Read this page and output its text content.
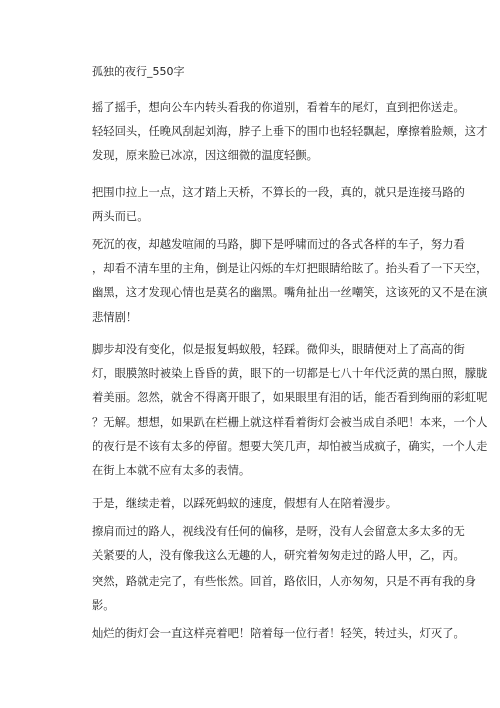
孤独的夜行_550字
摇了摇手，想向公车内转头看我的你道别，看着车的尾灯，直到把你送走。
轻轻回头，任晚风刮起刘海，脖子上垂下的围巾也轻轻飘起，摩擦着脸颊，这才
发现，原来脸已冰凉，因这细微的温度轻颤。
把围巾拉上一点，这才踏上天桥，不算长的一段，真的，就只是连接马路的
两头而已。
死沉的夜，却越发喧闹的马路，脚下是呼啸而过的各式各样的车子，努力看
，却看不清车里的主角，倒是让闪烁的车灯把眼睛给眩了。抬头看了一下天空，
幽黑，这才发现心情也是莫名的幽黑。嘴角扯出一丝嘲笑，这该死的又不是在演
悲情剧！
脚步却没有变化，似是报复蚂蚁般，轻踩。微仰头，眼睛便对上了高高的街
灯，眼膜煞时被染上昏昏的黄，眼下的一切都是七八十年代泛黄的黑白照，朦胧
着美丽。忽然，就舍不得离开眼了，如果眼里有泪的话，能否看到绚丽的彩虹呢
？无解。想想，如果趴在栏栅上就这样看着街灯会被当成自杀吧！本来，一个人
的夜行是不该有太多的停留。想要大笑几声，却怕被当成疯子，确实，一个人走
在街上本就不应有太多的表情。
于是，继续走着，以踩死蚂蚁的速度，假想有人在陪着漫步。
擦肩而过的路人，视线没有任何的偏移，是呀，没有人会留意太多太多的无
关紧要的人，没有像我这么无趣的人，研究着匆匆走过的路人甲，乙，丙。
突然，路就走完了，有些怅然。回首，路依旧，人亦匆匆，只是不再有我的身
影。
灿烂的街灯会一直这样亮着吧！陪着每一位行者！轻笑，转过头，灯灭了。
